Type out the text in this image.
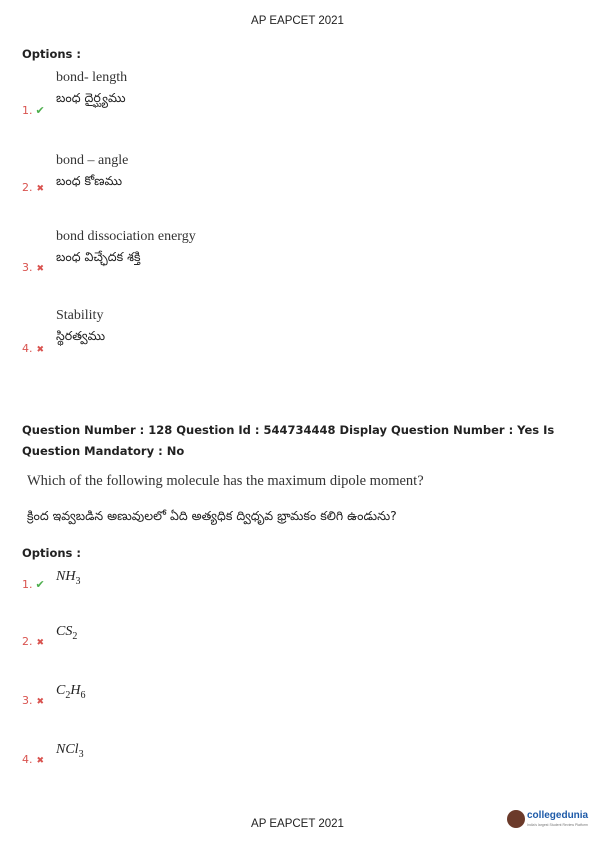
AP EAPCET 2021
Options :
bond- length
బంధ దైర్ఘ్యము
1. ✔
bond – angle
బంధ కోణము
2. ✖
bond dissociation energy
బంధ విచ్ఛేదక శక్తి
3. ✖
Stability
స్థిరత్వము
4. ✖
Question Number : 128 Question Id : 544734448 Display Question Number : Yes Is Question Mandatory : No
Which of the following molecule has the maximum dipole moment?
క్రింద ఇవ్వబడిన అణువులలో ఏది అత్యధిక ద్విధృవ భ్రామకం కలిగి ఉండును?
Options :
$NH_3$
1. ✔
$CS_2$
2. ✖
$C_2H_6$
3. ✖
NCl$_3$
4. ✖
AP EAPCET 2021
collegedunia
India's largest Student Review Platform
